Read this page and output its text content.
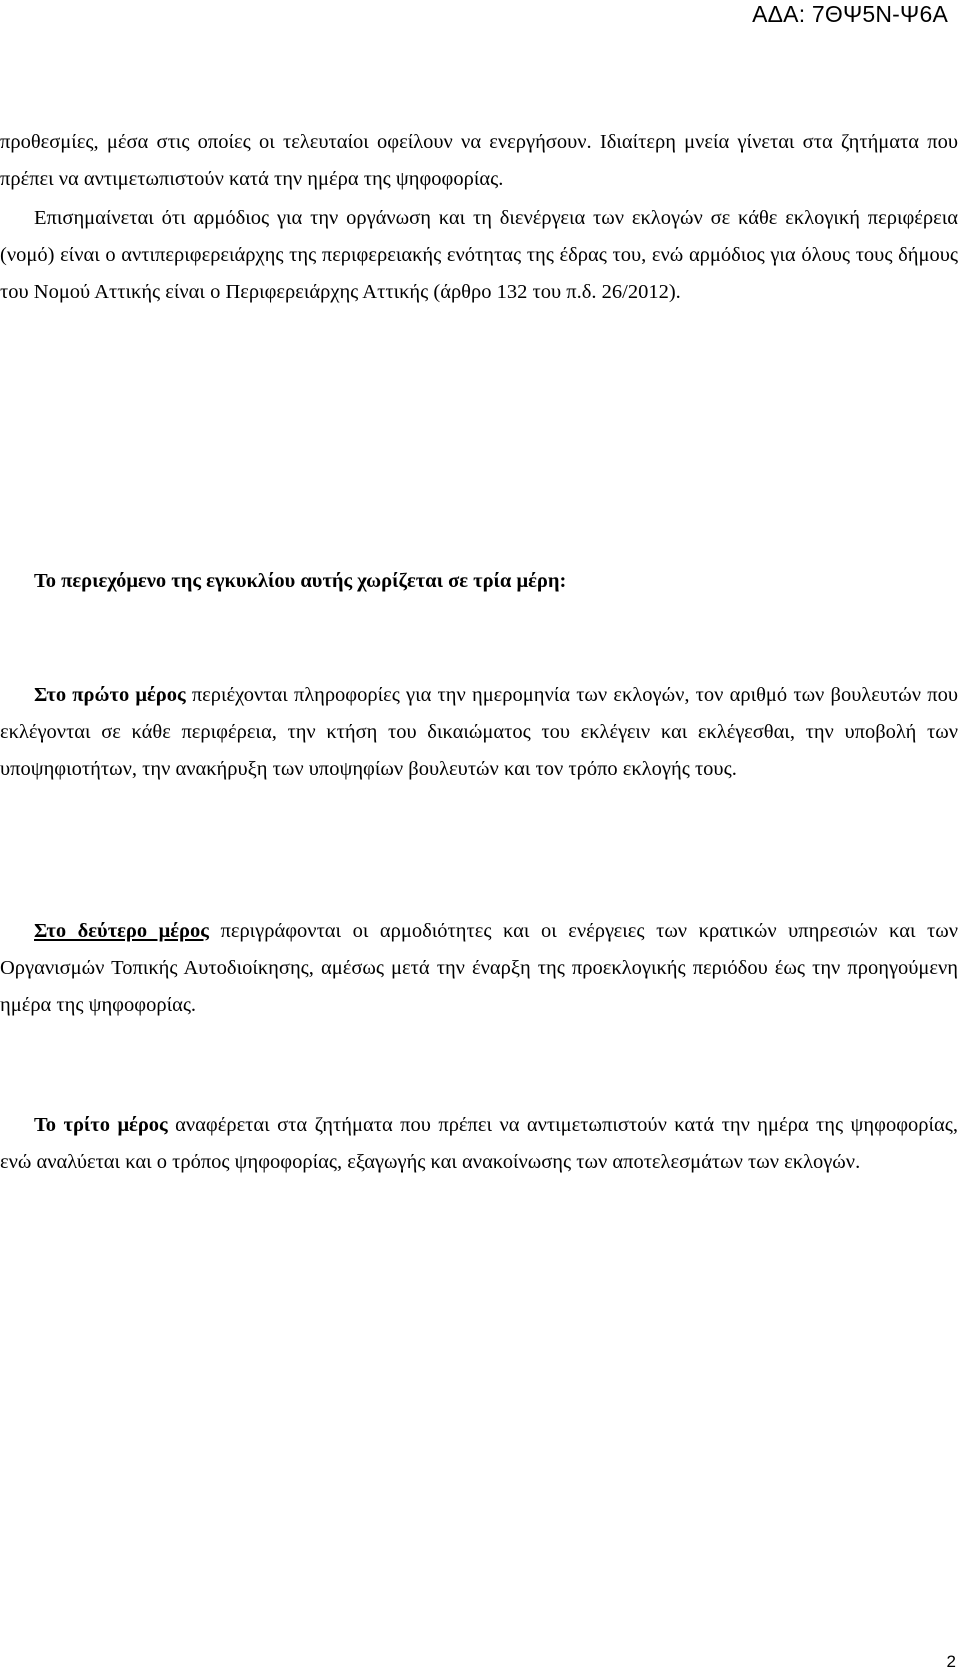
ΑΔΑ: 7ΘΨ5Ν-Ψ6Α

προθεσμίες, μέσα στις οποίες οι τελευταίοι οφείλουν να ενεργήσουν. Ιδιαίτερη μνεία γίνεται στα ζητήματα που πρέπει να αντιμετωπιστούν κατά την ημέρα της ψηφοφορίας.

Επισημαίνεται ότι αρμόδιος για την οργάνωση και τη διενέργεια των εκλογών σε κάθε εκλογική περιφέρεια (νομό) είναι ο αντιπεριφερειάρχης της περιφερειακής ενότητας της έδρας του, ενώ αρμόδιος για όλους τους δήμους του Νομού Αττικής είναι ο Περιφερειάρχης Αττικής (άρθρο 132 του π.δ. 26/2012).

Το περιεχόμενο της εγκυκλίου αυτής χωρίζεται σε τρία μέρη:

Στο πρώτο μέρος περιέχονται πληροφορίες για την ημερομηνία των εκλογών, τον αριθμό των βουλευτών που εκλέγονται σε κάθε περιφέρεια, την κτήση του δικαιώματος του εκλέγειν και εκλέγεσθαι, την υποβολή των υποψηφιοτήτων, την ανακήρυξη των υποψηφίων βουλευτών και τον τρόπο εκλογής τους.

Στο δεύτερο μέρος περιγράφονται οι αρμοδιότητες και οι ενέργειες των κρατικών υπηρεσιών και των Οργανισμών Τοπικής Αυτοδιοίκησης, αμέσως μετά την έναρξη της προεκλογικής περιόδου έως την προηγούμενη ημέρα της ψηφοφορίας.

Το τρίτο μέρος αναφέρεται στα ζητήματα που πρέπει να αντιμετωπιστούν κατά την ημέρα της ψηφοφορίας, ενώ αναλύεται και ο τρόπος ψηφοφορίας, εξαγωγής και ανακοίνωσης των αποτελεσμάτων των εκλογών.

2
